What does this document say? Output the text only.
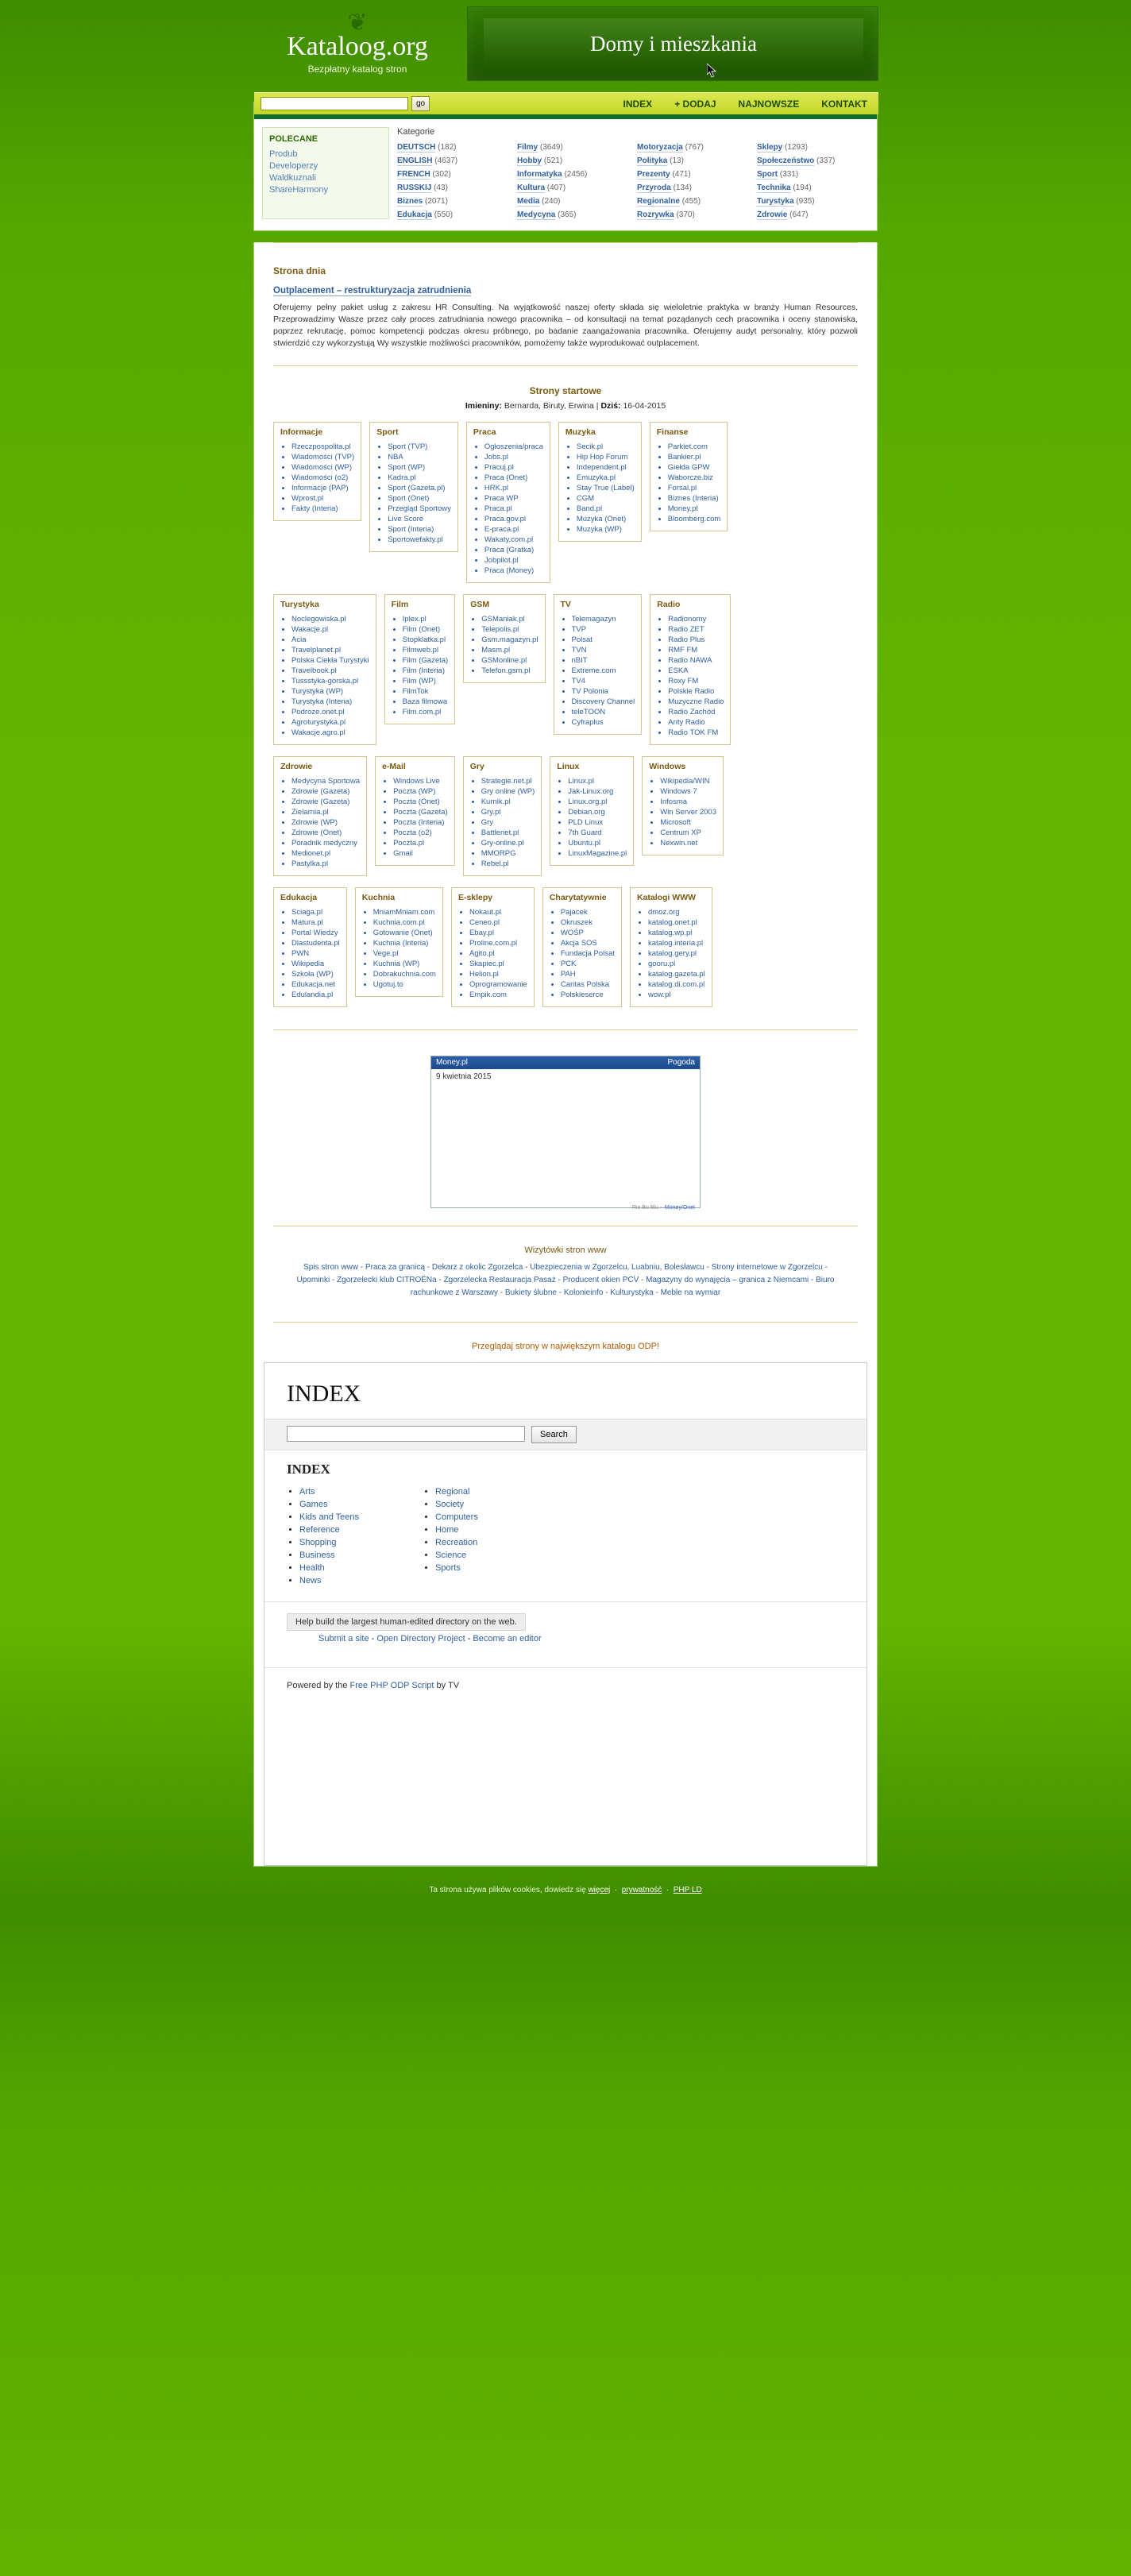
❦
Kataloog.org
Bezpłatny katalog stron
Domy i mieszkania
go	INDEX + DODAJ NAJNOWSZE KONTAKT
POLECANE
Produb
Developerzy
Waldkuznali
ShareHarmony
Kategorie
DEUTSCH (182)	Filmy (3649)	Motoryzacja (767)	Sklepy (1293)
ENGLISH (4637)	Hobby (521)	Polityka (13)	Społeczeństwo (337)
FRENCH (302)	Informatyka (2456)	Prezenty (471)	Sport (331)
RUSSKIJ (43)	Kultura (407)	Przyroda (134)	Technika (194)
Biznes (2071)	Media (240)	Regionalne (455)	Turystyka (935)
Edukacja (550)	Medycyna (365)	Rozrywka (370)	Zdrowie (647)
Strona dnia
Outplacement – restrukturyzacja zatrudnienia

Oferujemy pełny pakiet usług z zakresu HR Consulting. Na wyjątkowość naszej oferty składa się wieloletnie praktyka w branży Human Resources. Przeprowadzimy Wasze przez cały proces zatrudniania nowego pracownika – od konsultacji na temat poządanych cech pracownika i oceny stanowiska, poprzez rekrutację, pomoc kompetencji podczas okresu próbnego, po badanie zaangażowania pracownika. Oferujemy audyt personalny, który pozwoli stwierdzić czy wykorzystują Wy wszystkie możliwości pracowników, pomożemy także wyprodukować outplacement.

Strony startowe
Imieniny: Bernarda, Biruty, Erwina | Dziś: 16-04-2015
Informacje
• Rzeczpospolita.pl
• Wiadomości (TVP)
• Wiadomości (WP)
• Wiadomości (o2)
• Informacje (PAP)
• Wprost.pl
• Fakty (Interia)
Sport
• Sport (TVP)
• NBA
• Sport (WP)
• Kadra.pl
• Sport (Gazeta.pl)
• Sport (Onet)
• Przegląd Sportowy
• Live Score
• Sport (Interia)
• Sportowefakty.pl
Praca
• Ogłoszenia/praca
• Jobs.pl
• Pracuj.pl
• Praca (Onet)
• HRK.pl
• Praca WP
• Praca.pl
• Praca.gov.pl
• E-praca.pl
• Wakaty.com.pl
• Praca (Gratka)
• Jobpilot.pl
• Praca (Money)
Muzyka
• Secik.pl
• Hip Hop Forum
• Independent.pl
• Emuzyka.pl
• Stay True (Label)
• CGM
• Band.pl
• Muzyka (Onet)
• Muzyka (WP)
Finanse
• Parkiet.com
• Bankier.pl
• Giełda GPW
• Waborcze.biz
• Forsal.pl
• Biznes (Interia)
• Money.pl
• Bloomberg.com
Turystyka
• Noclegowiska.pl
• Wakacje.pl
• Acia
• Travelplanet.pl
• Polska Ciekła Turystyki
• Travelbook.pl
• Tussstyka-gorska.pl
• Turystyka (WP)
• Turystyka (Interia)
• Podroze.onet.pl
• Agroturystyka.pl
• Wakacje.agro.pl
Film
• Iplex.pl
• Film (Onet)
• Stopklatka.pl
• Filmweb.pl
• Film (Gazeta)
• Film (Interia)
• Film (WP)
• FilmTok
• Baza filmowa
• Film.com.pl
GSM
• GSManiak.pl
• Telepolis.pl
• Gsm.magazyn.pl
• Masm.pl
• GSMonline.pl
• Telefon.gsm.pl
TV
• Telemagazyn
• TVP
• Polsat
• TVN
• nBIT
• Extreme.com
• TV4
• TV Polonia
• Discovery Channel
• teleTOON
• Cyfraplus
Radio
• Radionomy
• Radio ZET
• Radio Plus
• RMF FM
• Radio NAWA
• ESKA
• Roxy FM
• Polskie Radio
• Muzyczne Radio
• Radio Zachód
• Anty Radio
• Radio TOK FM
Zdrowie
• Medycyna Sportowa
• Zdrowie (Gazeta)
• Zdrowie (Gazeta)
• Zielarnia.pl
• Zdrowie (WP)
• Zdrowie (Onet)
• Poradnik medyczny
• Medionet.pl
• Pastylka.pl
e-Mail
• Windows Live
• Poczta (WP)
• Poczta (Onet)
• Poczta (Gazeta)
• Poczta (Interia)
• Poczta (o2)
• Poczta.pl
• Gmail
Gry
• Strategie.net.pl
• Gry online (WP)
• Kurnik.pl
• Gry.pl
• Gry
• Battlenet.pl
• Gry-online.pl
• MMORPG
• Rebel.pl
Linux
• Linux.pl
• Jak-Linux.org
• Linux.org.pl
• Debian.org
• PLD Linux
• 7th Guard
• Ubuntu.pl
• LinuxMagazine.pl
Windows
• Wikipedia/WIN
• Windows 7
• Infosma
• Win Server 2003
• Microsoft
• Centrum XP
• Nexwin.net
Edukacja
• Sciaga.pl
• Matura.pl
• Portal Wiedzy
• Dlastudenta.pl
• PWN
• Wikipedia
• Szkoła (WP)
• Edukacja.net
• Edulandia.pl
Kuchnia
• MniamMniam.com
• Kuchnia.com.pl
• Gotowanie (Onet)
• Kuchnia (Interia)
• Vege.pl
• Kuchnia (WP)
• Dobrakuchnia.com
• Ugotuj.to
E-sklepy
• Nokaut.pl
• Ceneo.pl
• Ebay.pl
• Proline.com.pl
• Agito.pl
• Skapiec.pl
• Helion.pl
• Oprogramowanie
• Empik.com
Charytatywnie
• Pajacek
• Okruszek
• WOŚP
• Akcja SOS
• Fundacja Polsat
• PCK
• PAH
• Caritas Polska
• Polskieserce
Katalogi WWW
• dmoz.org
• katalog.onet.pl
• katalog.wp.pl
• katalog.interia.pl
• katalog.gery.pl
• gooru.pl
• katalog.gazeta.pl
• katalog.di.com.pl
• wow.pl
Money.pl	Pogoda
9 kwietnia 2015
Rin Bu Blu - Money/Onet
Wizytówki stron www
Spis stron www - Praca za granicą - Dekarz z okolic Zgorzelca - Ubezpieczenia w Zgorzelcu, Luabniu, Bolesławcu - Strony internetowe w Zgorzelcu - Upominki - Zgorzelecki klub CITROËNa - Zgorzelecka Restauracja Pasaż - Producent okien PCV - Magazyny do wynajęcia – granica z Niemcami - Biuro rachunkowe z Warszawy - Bukiety ślubne - Kolonieinfo - Kulturystyka - Meble na wymiar
Przeglądaj strony w największym katalogu ODP!
INDEX
Search
INDEX
• Arts
• Games
• Kids and Teens
• Reference
• Shopping
• Business
• Health
• News
• Regional
• Society
• Computers
• Home
• Recreation
• Science
• Sports
Help build the largest human-edited directory on the web.
Submit a site - Open Directory Project - Become an editor
Powered by the Free PHP ODP Script by TV
Ta strona używa plików cookies, dowiedz się więcej  ·  prywatność  ·  PHP LD
